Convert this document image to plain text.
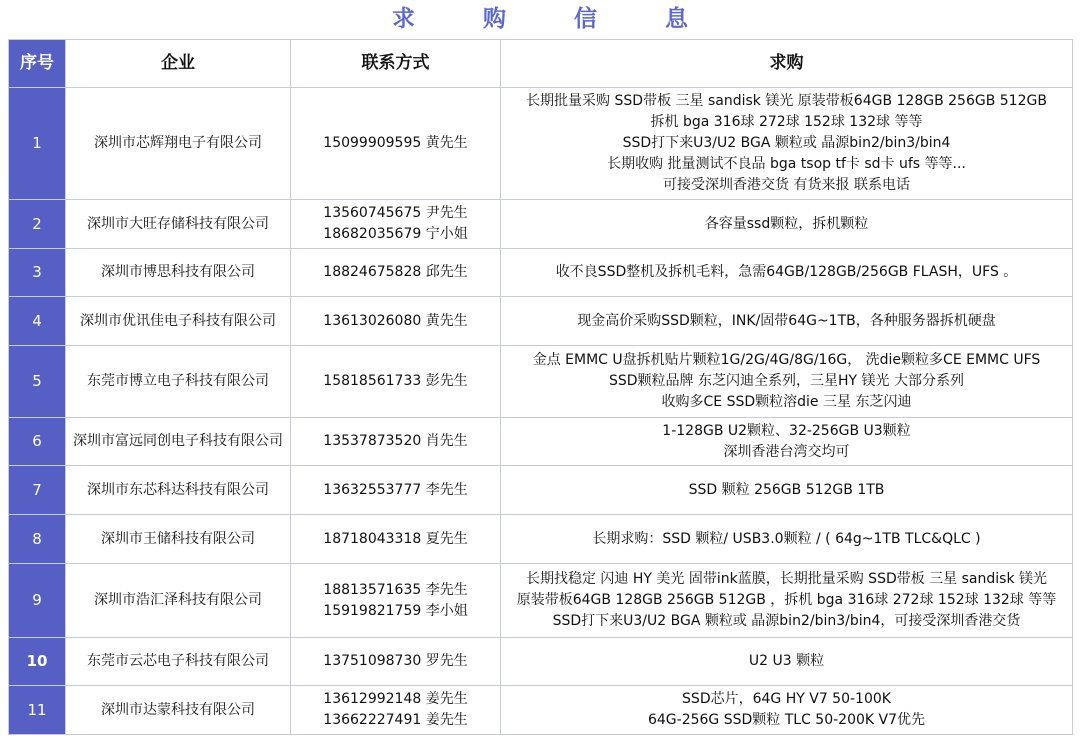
求 购 信 息
序号	企业	联系方式	求购
1	深圳市芯辉翔电子有限公司	15099909595 黄先生	长期批量采购 SSD带板 三星 sandisk 镁光 原装带板64GB 128GB 256GB 512GB
拆机 bga 316球 272球 152球 132球 等等
SSD打下来U3/U2 BGA 颗粒或 晶源bin2/bin3/bin4
长期收购 批量测试不良品 bga tsop tf卡 sd卡 ufs 等等...
可接受深圳香港交货 有货来报 联系电话

2	深圳市大旺存储科技有限公司	13560745675 尹先生
18682035679 宁小姐	各容量ssd颗粒，拆机颗粒

3	深圳市博思科技有限公司	18824675828 邱先生	收不良SSD整机及拆机毛料，急需64GB/128GB/256GB FLASH，UFS 。

4	深圳市优讯佳电子科技有限公司	13613026080 黄先生	现金高价采购SSD颗粒，INK/固带64G~1TB，各种服务器拆机硬盘

5	东莞市博立电子科技有限公司	15818561733 彭先生	金点 EMMC U盘拆机贴片颗粒1G/2G/4G/8G/16G， 洗die颗粒多CE EMMC UFS
SSD颗粒品牌 东芝闪迪全系列，三星HY 镁光 大部分系列
收购多CE SSD颗粒溶die 三星 东芝闪迪

6	深圳市富远同创电子科技有限公司	13537873520 肖先生	1-128GB U2颗粒、32-256GB U3颗粒
深圳香港台湾交均可

7	深圳市东芯科达科技有限公司	13632553777 李先生	SSD 颗粒 256GB 512GB 1TB

8	深圳市王储科技有限公司	18718043318 夏先生	长期求购：SSD 颗粒/ USB3.0颗粒 / ( 64g~1TB TLC&QLC )

9	深圳市浩汇泽科技有限公司	18813571635 李先生
15919821759 李小姐	长期找稳定 闪迪 HY 美光 固带ink蓝膜，长期批量采购 SSD带板 三星 sandisk 镁光
原装带板64GB 128GB 256GB 512GB ，拆机 bga 316球 272球 152球 132球 等等
SSD打下来U3/U2 BGA 颗粒或 晶源bin2/bin3/bin4，可接受深圳香港交货

10	东莞市云芯电子科技有限公司	13751098730 罗先生	U2 U3 颗粒

11	深圳市达蒙科技有限公司	13612992148 姜先生
13662227491 姜先生	SSD芯片，64G HY V7 50-100K
64G-256G SSD颗粒 TLC 50-200K V7优先
